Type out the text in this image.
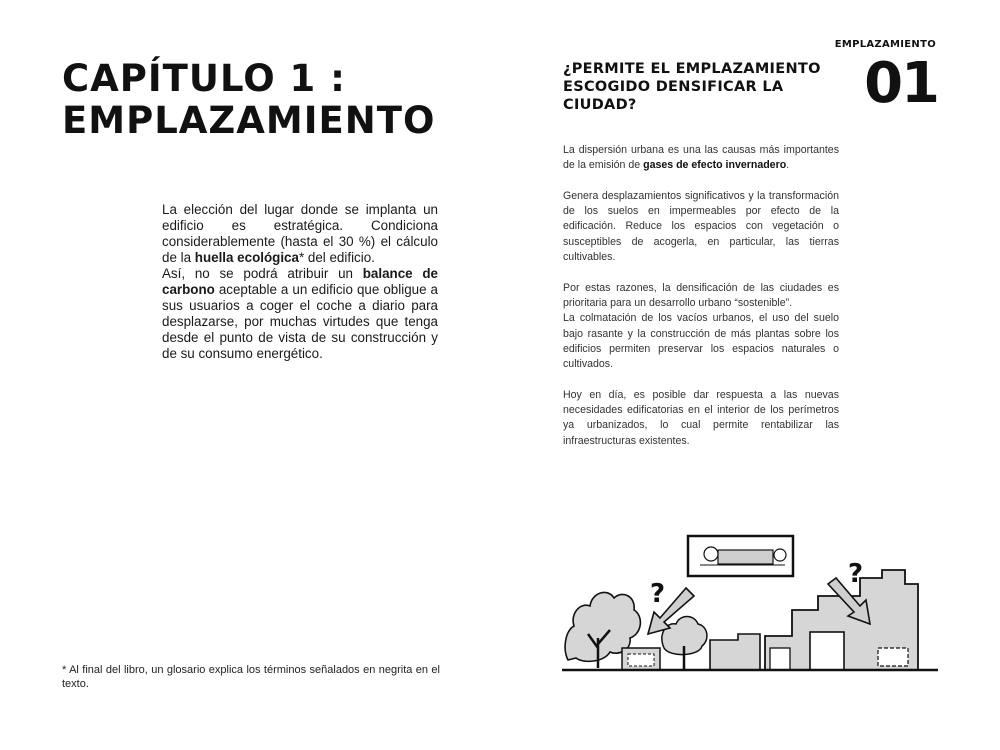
CAPÍTULO 1 :
EMPLAZAMIENTO

La elección del lugar donde se implanta un edificio es estratégica. Condiciona considerablemente (hasta el 30 %) el cálculo de la huella ecológica* del edificio.

Así, no se podrá atribuir un balance de carbono aceptable a un edificio que obligue a sus usuarios a coger el coche a diario para desplazarse, por muchas virtudes que tenga desde el punto de vista de su construcción y de su consumo energético.

* Al final del libro, un glosario explica los términos señalados en negrita en el texto.

EMPLAZAMIENTO
01
¿PERMITE EL EMPLAZAMIENTO
ESCOGIDO DENSIFICAR LA
CIUDAD?

La dispersión urbana es una las causas más importantes de la emisión de gases de efecto invernadero.

Genera desplazamientos significativos y la transformación de los suelos en impermeables por efecto de la edificación. Reduce los espacios con vegetación o susceptibles de acogerla, en particular, las tierras cultivables.

Por estas razones, la densificación de las ciudades es prioritaria para un desarrollo urbano “sostenible”.

La colmatación de los vacíos urbanos, el uso del suelo bajo rasante y la construcción de más plantas sobre los edificios permiten preservar los espacios naturales o cultivados.

Hoy en día, es posible dar respuesta a las nuevas necesidades edificatorias en el interior de los perímetros ya urbanizados, lo cual permite rentabilizar las infraestructuras existentes.

?
?
